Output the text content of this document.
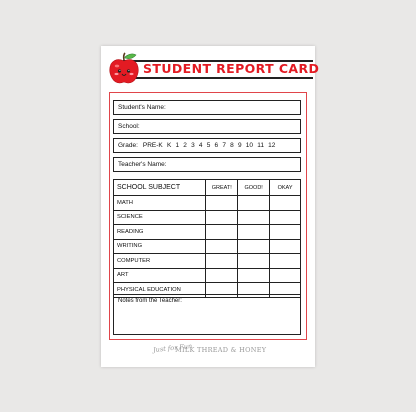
STUDENT REPORT CARD
Student's Name:
School:
Grade: PRE-K K 1 2 3 4 5 6 7 8 9 10 11 12
Teacher's Name:
SCHOOL SUBJECT	GREAT!	GOOD!	OKAY
MATH			
SCIENCE			
READING			
WRITING			
COMPUTER			
ART			
PHYSICAL EDUCATION			
Notes from the Teacher:
Just for Fun
MILK THREAD & HONEY
